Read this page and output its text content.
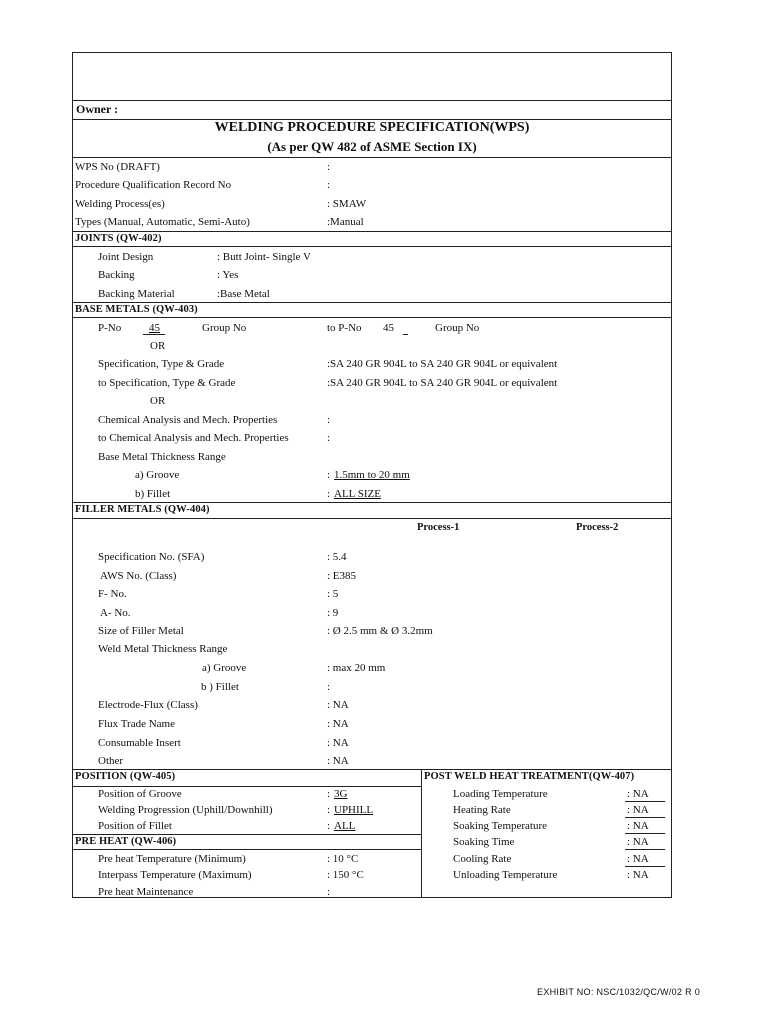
Owner :
WELDING PROCEDURE SPECIFICATION(WPS)
(As per QW 482 of ASME Section IX)
WPS No (DRAFT)	:
Procedure Qualification Record No	:
Welding Process(es)	: SMAW
Types (Manual, Automatic, Semi-Auto)	:Manual
JOINTS (QW-402)
Joint Design	: Butt Joint- Single V
Backing	: Yes
Backing Material	:Base Metal
BASE METALS (QW-403)
P-No	45	Group No	to P-No 45	Group No
OR
Specification, Type & Grade	:SA 240 GR 904L to SA 240 GR 904L or equivalent
to Specification, Type & Grade	:SA 240 GR 904L to SA 240 GR 904L or equivalent
OR
Chemical Analysis and Mech. Properties	:
to Chemical Analysis and Mech. Properties	:
Base Metal Thickness Range
a) Groove	: 1.5mm to 20 mm
b) Fillet	: ALL SIZE
FILLER METALS (QW-404)
Process-1	Process-2
Specification No. (SFA)	: 5.4
AWS No. (Class)	: E385
F- No.	: 5
A- No.	: 9
Size of Filler Metal	: Ø 2.5 mm & Ø 3.2mm
Weld Metal Thickness Range
a) Groove	: max 20 mm
b ) Fillet	:
Electrode-Flux (Class)	: NA
Flux Trade Name	: NA
Consumable Insert	: NA
Other	: NA
POSITION (QW-405)
Position of Groove	: 3G
Welding Progression (Uphill/Downhill)	: UPHILL
Position of Fillet	: ALL
PRE HEAT (QW-406)
Pre heat Temperature (Minimum)	: 10 °C
Interpass Temperature (Maximum)	: 150 °C
Pre heat Maintenance	:
POST WELD HEAT TREATMENT(QW-407)
Loading Temperature	: NA
Heating Rate	: NA
Soaking Temperature	: NA
Soaking Time	: NA
Cooling Rate	: NA
Unloading Temperature	: NA
EXHIBIT NO: NSC/1032/QC/W/02 R 0
